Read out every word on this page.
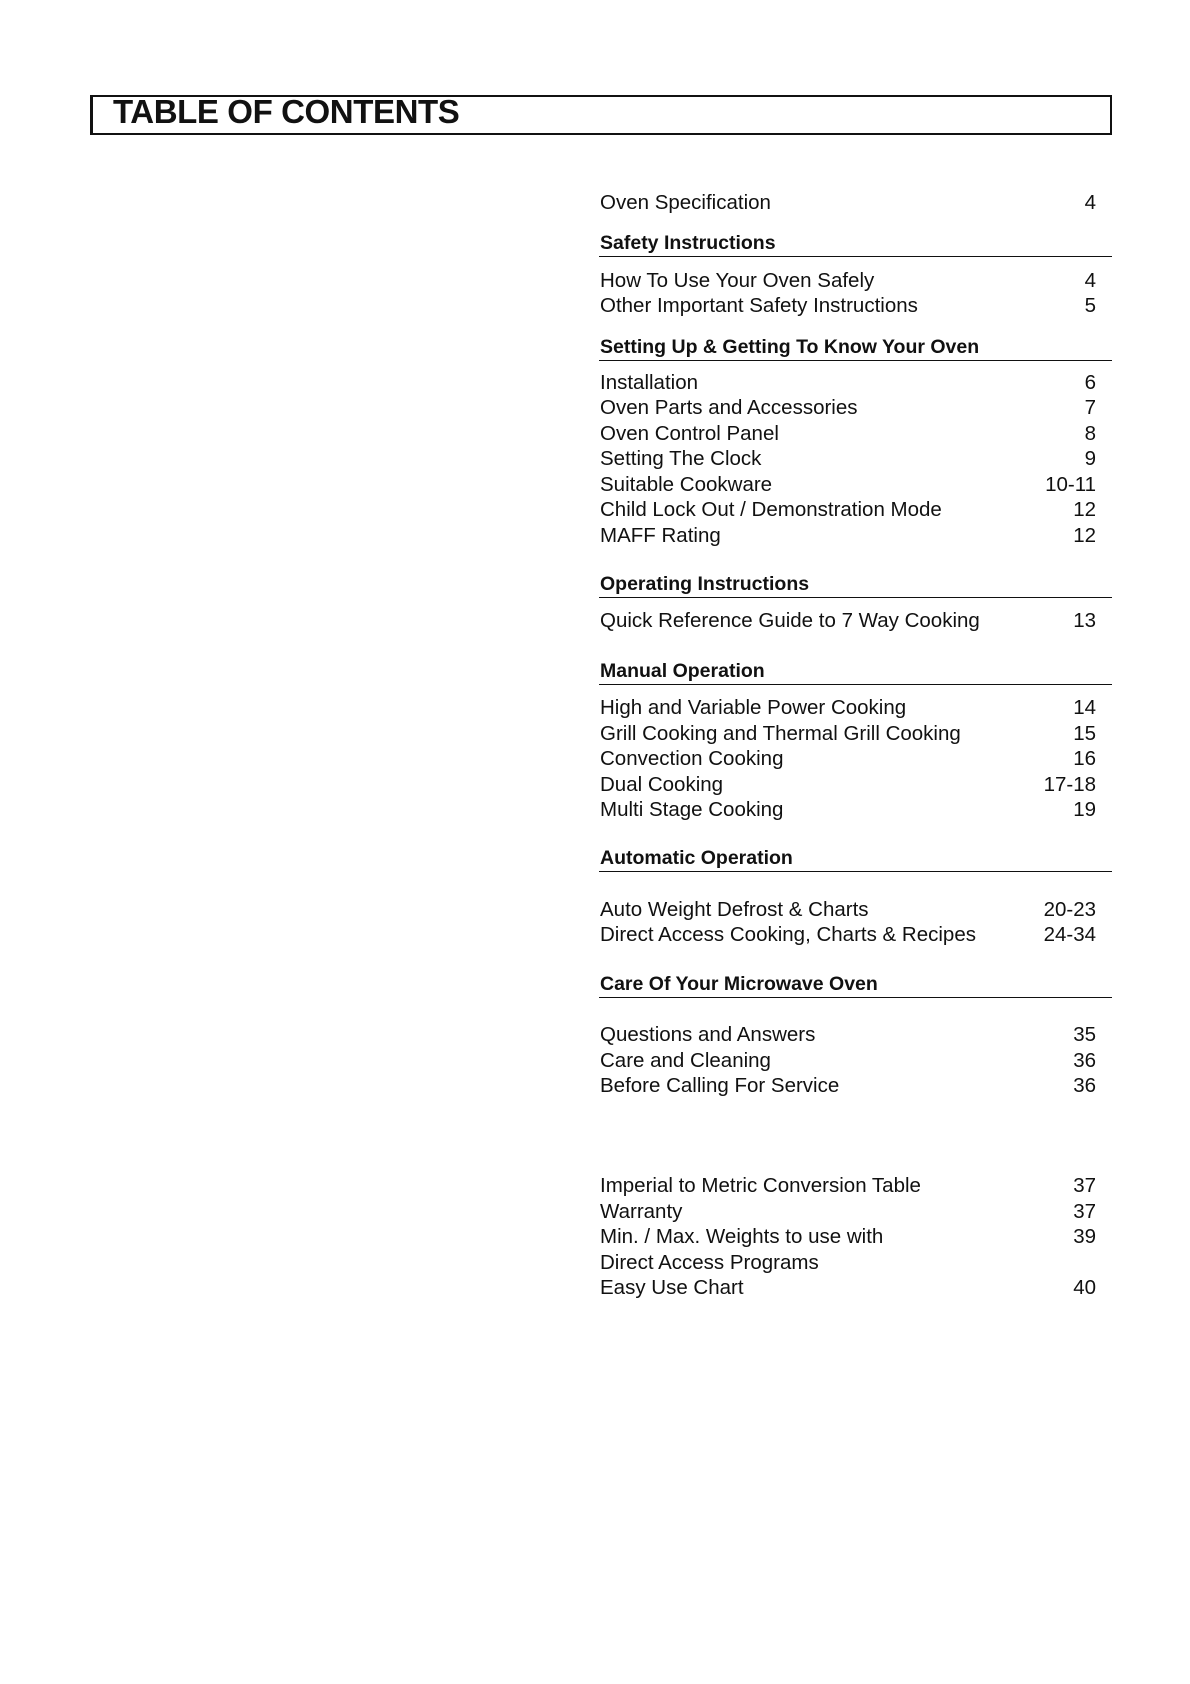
TABLE OF CONTENTS
Oven Specification	4
Safety Instructions
How To Use Your Oven Safely	4
Other Important Safety Instructions	5
Setting Up & Getting To Know Your Oven
Installation	6
Oven Parts and Accessories	7
Oven Control Panel	8
Setting The Clock	9
Suitable Cookware	10-11
Child Lock Out / Demonstration Mode	12
MAFF Rating	12
Operating Instructions
Quick Reference Guide to 7 Way Cooking	13
Manual Operation
High and Variable Power Cooking	14
Grill Cooking and Thermal Grill Cooking	15
Convection Cooking	16
Dual Cooking	17-18
Multi Stage Cooking	19
Automatic Operation
Auto Weight Defrost & Charts	20-23
Direct Access Cooking, Charts & Recipes	24-34
Care Of Your Microwave Oven
Questions and Answers	35
Care and Cleaning	36
Before Calling For Service	36
Imperial to Metric Conversion Table	37
Warranty	37
Min. / Max. Weights to use with	39
Direct Access Programs
Easy Use Chart	40
